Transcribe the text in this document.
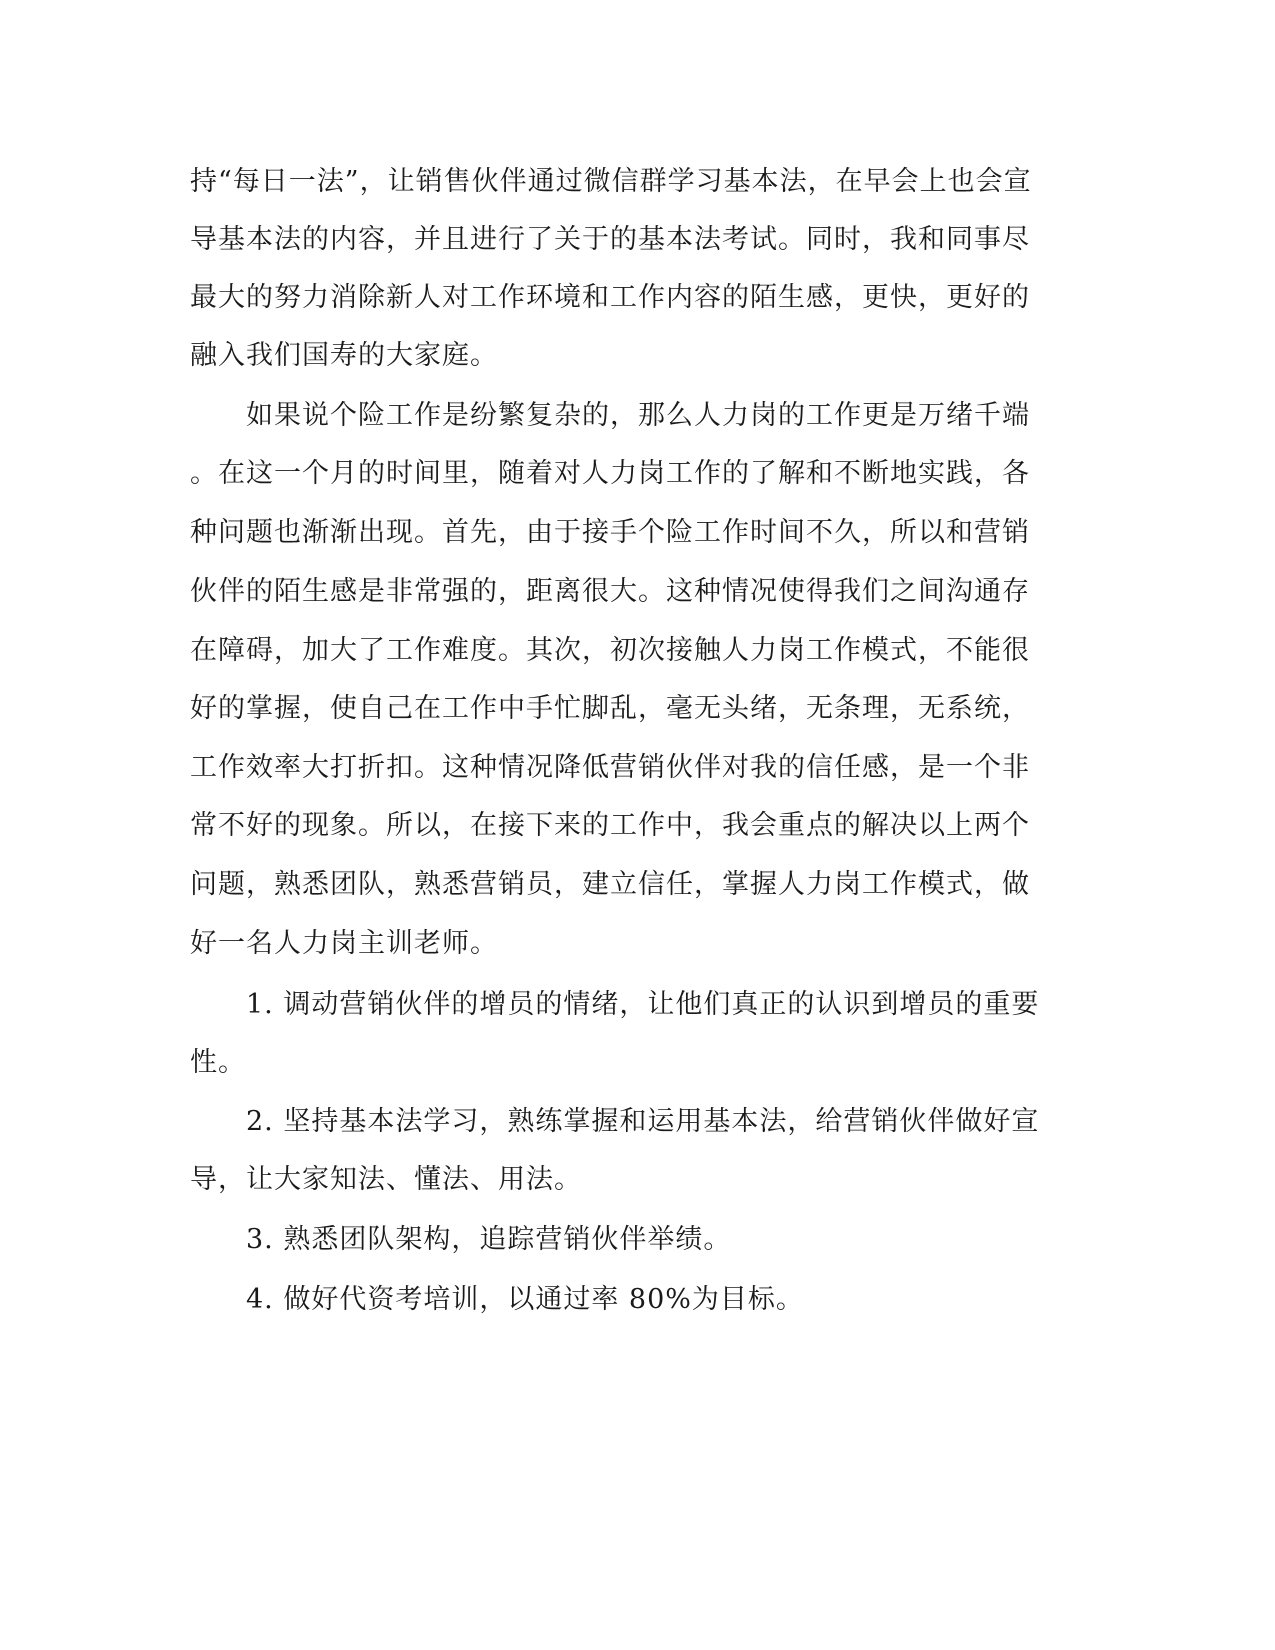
持“每日一法”，让销售伙伴通过微信群学习基本法，在早会上也会宣
导基本法的内容，并且进行了关于的基本法考试。同时，我和同事尽
最大的努力消除新人对工作环境和工作内容的陌生感，更快，更好的
融入我们国寿的大家庭。
　　如果说个险工作是纷繁复杂的，那么人力岗的工作更是万绪千端
。在这一个月的时间里，随着对人力岗工作的了解和不断地实践，各
种问题也渐渐出现。首先，由于接手个险工作时间不久，所以和营销
伙伴的陌生感是非常强的，距离很大。这种情况使得我们之间沟通存
在障碍，加大了工作难度。其次，初次接触人力岗工作模式，不能很
好的掌握，使自己在工作中手忙脚乱，毫无头绪，无条理，无系统，
工作效率大打折扣。这种情况降低营销伙伴对我的信任感，是一个非
常不好的现象。所以，在接下来的工作中，我会重点的解决以上两个
问题，熟悉团队，熟悉营销员，建立信任，掌握人力岗工作模式，做
好一名人力岗主训老师。
　　1. 调动营销伙伴的增员的情绪，让他们真正的认识到增员的重要
性。
　　2. 坚持基本法学习，熟练掌握和运用基本法，给营销伙伴做好宣
导，让大家知法、懂法、用法。
　　3. 熟悉团队架构，追踪营销伙伴举绩。
　　4. 做好代资考培训，以通过率 80%为目标。
